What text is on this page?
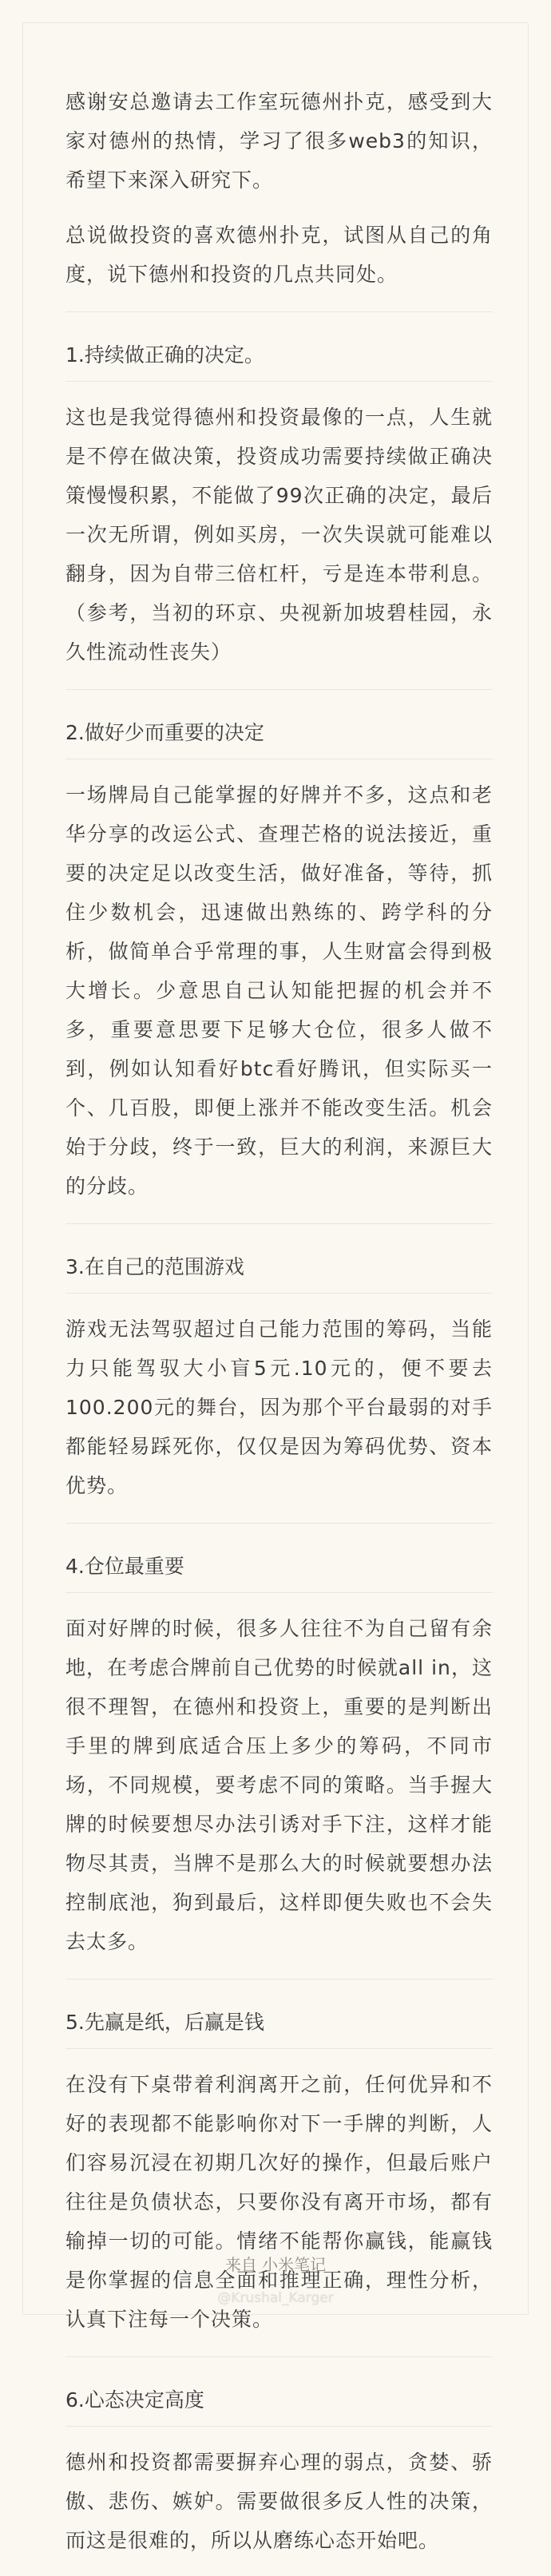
感谢安总邀请去工作室玩德州扑克，感受到大家对德州的热情，学习了很多web3的知识，希望下来深入研究下。

总说做投资的喜欢德州扑克，试图从自己的角度，说下德州和投资的几点共同处。

1.持续做正确的决定。

这也是我觉得德州和投资最像的一点，人生就是不停在做决策，投资成功需要持续做正确决策慢慢积累，不能做了99次正确的决定，最后一次无所谓，例如买房，一次失误就可能难以翻身，因为自带三倍杠杆，亏是连本带利息。（参考，当初的环京、央视新加坡碧桂园，永久性流动性丧失）

2.做好少而重要的决定

一场牌局自己能掌握的好牌并不多，这点和老华分享的改运公式、查理芒格的说法接近，重要的决定足以改变生活，做好准备，等待，抓住少数机会，迅速做出熟练的、跨学科的分析，做简单合乎常理的事，人生财富会得到极大增长。少意思自己认知能把握的机会并不多，重要意思要下足够大仓位，很多人做不到，例如认知看好btc看好腾讯，但实际买一个、几百股，即便上涨并不能改变生活。机会始于分歧，终于一致，巨大的利润，来源巨大的分歧。

3.在自己的范围游戏

游戏无法驾驭超过自己能力范围的筹码，当能力只能驾驭大小盲5元.10元的，便不要去100.200元的舞台，因为那个平台最弱的对手都能轻易踩死你，仅仅是因为筹码优势、资本优势。

4.仓位最重要

面对好牌的时候，很多人往往不为自己留有余地，在考虑合牌前自己优势的时候就all in，这很不理智，在德州和投资上，重要的是判断出手里的牌到底适合压上多少的筹码，不同市场，不同规模，要考虑不同的策略。当手握大牌的时候要想尽办法引诱对手下注，这样才能物尽其责，当牌不是那么大的时候就要想办法控制底池，狗到最后，这样即便失败也不会失去太多。

5.先赢是纸，后赢是钱

在没有下桌带着利润离开之前，任何优异和不好的表现都不能影响你对下一手牌的判断，人们容易沉浸在初期几次好的操作，但最后账户往往是负债状态，只要你没有离开市场，都有输掉一切的可能。情绪不能帮你赢钱，能赢钱是你掌握的信息全面和推理正确，理性分析，认真下注每一个决策。

6.心态决定高度

德州和投资都需要摒弃心理的弱点，贪婪、骄傲、悲伤、嫉妒。需要做很多反人性的决策，而这是很难的，所以从磨练心态开始吧。

来自 小米笔记
@Krushal_Karger
